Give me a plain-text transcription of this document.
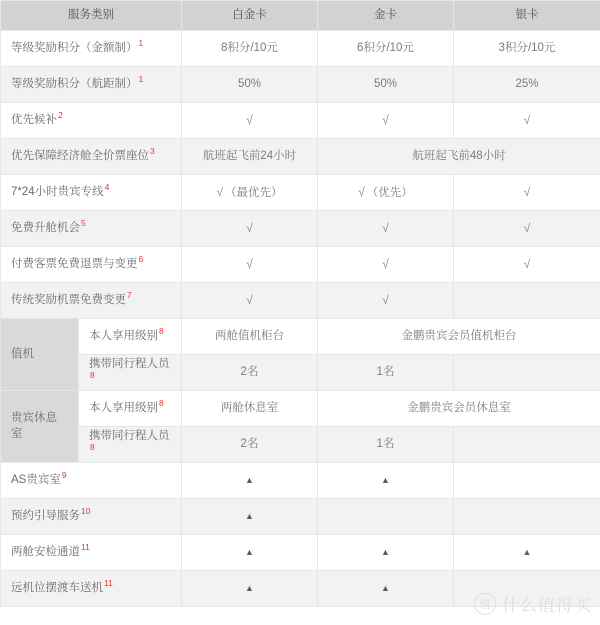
服务类别		白金卡	金卡	银卡
等级奖励积分（金额制）$^1$		8积分/10元	6积分/10元	3积分/10元
等级奖励积分（航距制）$^1$		50%	50%	25%
优先候补$^2$		√	√	√
优先保障经济舱全价票座位$^3$		航班起飞前24小时	航班起飞前48小时	
7*24小时贵宾专线$^4$		√ （最优先）	√ （优先）	√
免费升舱机会$^5$		√	√	√
付费客票免费退票与变更$^6$		√	√	√
传统奖励机票免费变更$^7$		√	√	
值机	本人享用级别$^8$	两舱值机柜台	金鹏贵宾会员值机柜台	
	携带同行程人员$^8$	2名	1名	
贵宾休息室	本人享用级别$^8$	两舱休息室	金鹏贵宾会员休息室	
	携带同行程人员$^8$	2名	1名	
AS贵宾室$^9$		▲	▲	
预约引导服务$^{10}$		▲		
两舱安检通道$^{11}$		▲	▲	▲
远机位摆渡车送机$^{11}$		▲	▲	
值 什么值得买
